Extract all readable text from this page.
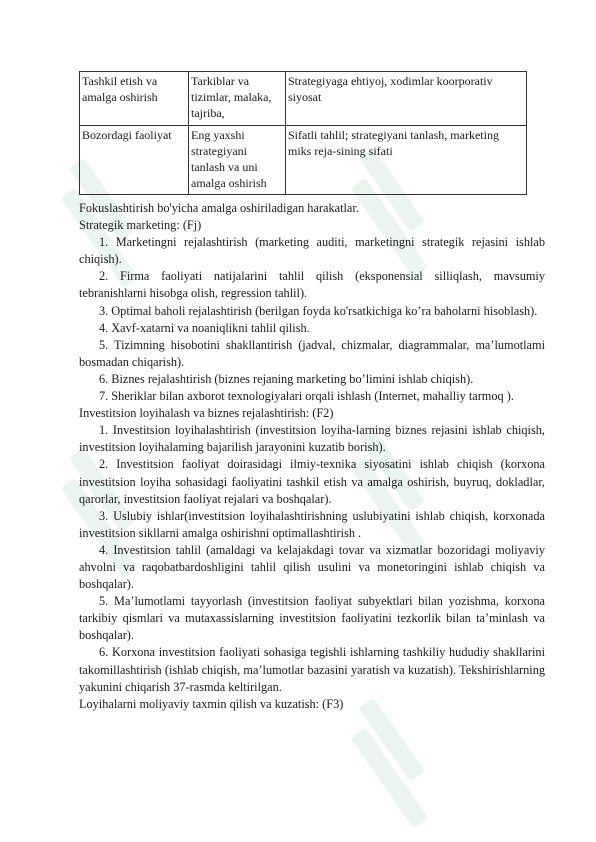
Tashkil etish va amalga oshirish	Tarkiblar va tizimlar, malaka, tajriba,	Strategiyaga ehtiyoj, xodimlar koorporativ siyosat
Bozordagi faoliyat	Eng yaxshi strategiyani tanlash va uni amalga oshirish	Sifatli tahlil; strategiyani tanlash, marketing miks reja-sining sifati

Fokuslashtirish bo'yicha amalga oshiriladigan harakatlar.

Strategik marketing: (Fj)

1. Marketingni rejalashtirish (marketing auditi, marketingni strategik rejasini ishlab chiqish).

2. Firma faoliyati natijalarini tahlil qilish (eksponensial silliqlash, mavsumiy tebranishlarni hisobga olish, regression tahlil).

3. Optimal baholi rejalashtirish (berilgan foyda ko'rsatkichiga ko’ra baholarni hisoblash).

4. Xavf-xatarni va noaniqlikni tahlil qilish.

5. Tizimning hisobotini shakllantirish (jadval, chizmalar, diagrammalar, ma’lumotlami bosmadan chiqarish).

6. Biznes rejalashtirish (biznes rejaning marketing bo’limini ishlab chiqish).

7. Sheriklar bilan axborot texnologiyalari orqali ishlash (Internet, mahalliy tarmoq ).

Investitsion loyihalash va biznes rejalashtirish: (F2)

1. Investitsion loyihalashtirish (investitsion loyiha-larning biznes rejasini ishlab chiqish, investitsion loyihalaming bajarilish jarayonini kuzatib borish).

2. Investitsion faoliyat doirasidagi ilmiy-texnika siyosatini ishlab chiqish (korxona investitsion loyiha sohasidagi faoliyatini tashkil etish va amalga oshirish, buyruq, dokladlar, qarorlar, investitsion faoliyat rejalari va boshqalar).

3. Uslubiy ishlar(investitsion loyihalashtirishning uslubiyatini ishlab chiqish, korxonada investitsion sikllarni amalga oshirishni optimallashtirish .

4. Investitsion tahlil (amaldagi va kelajakdagi tovar va xizmatlar bozoridagi moliyaviy ahvolni va raqobatbardoshligini tahlil qilish usulini va monetoringini ishlab chiqish va boshqalar).

5. Ma’lumotlami tayyorlash (investitsion faoliyat subyektlari bilan yozishma, korxona tarkibiy qismlari va mutaxassislarning investitsion faoliyatini tezkorlik bilan ta’minlash va boshqalar).

6. Korxona investitsion faoliyati sohasiga tegishli ishlarning tashkiliy hududiy shakllarini takomillashtirish (ishlab chiqish, ma’lumotlar bazasini yaratish va kuzatish). Tekshirishlarning yakunini chiqarish 37-rasmda keltirilgan.

Loyihalarni moliyaviy taxmin qilish va kuzatish: (F3)
